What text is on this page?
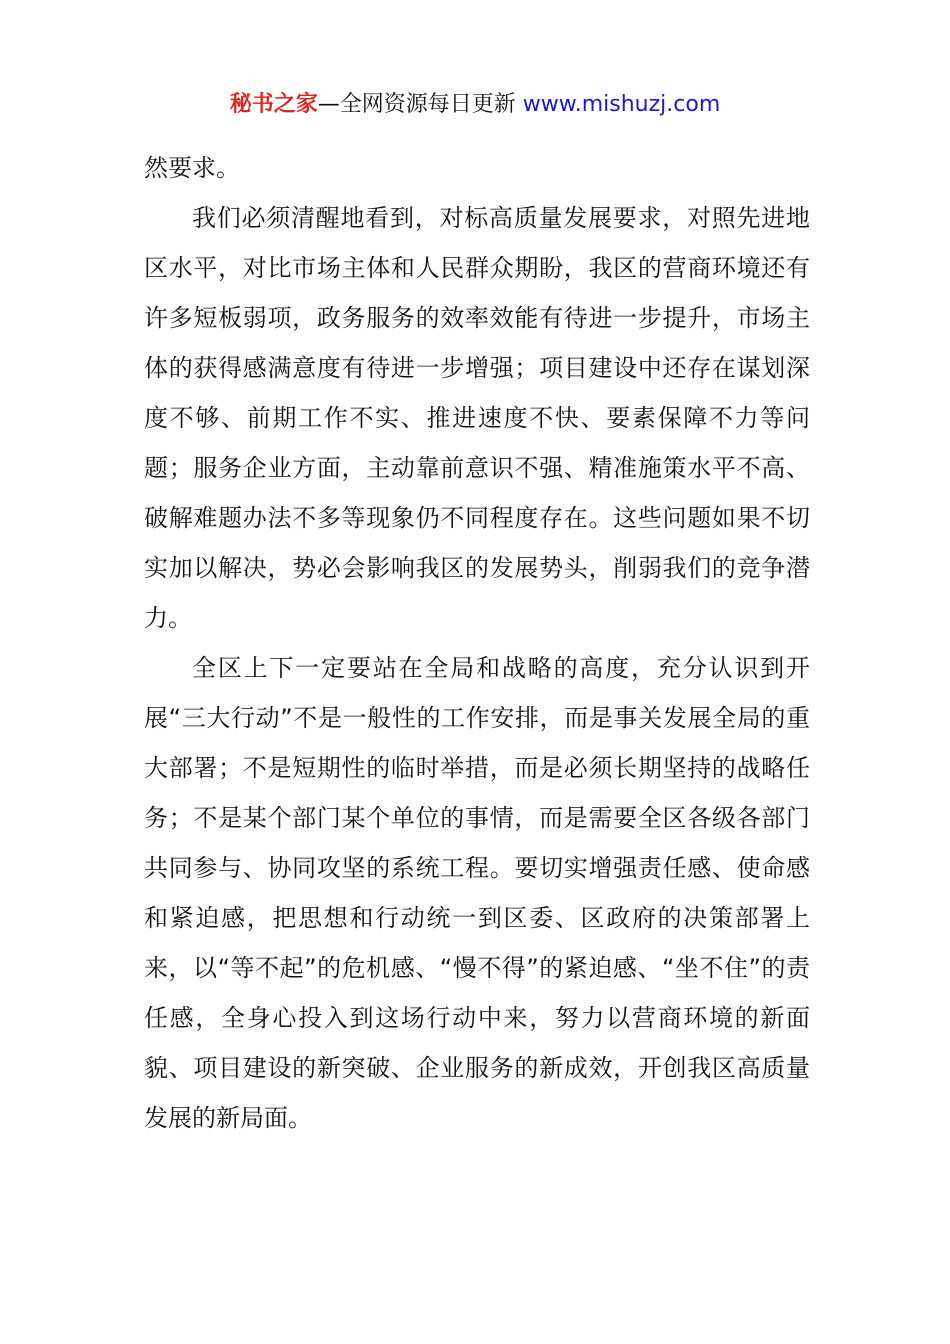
秘书之家—全网资源每日更新 www.mishuzj.com

然要求。

我们必须清醒地看到，对标高质量发展要求，对照先进地区水平，对比市场主体和人民群众期盼，我区的营商环境还有许多短板弱项，政务服务的效率效能有待进一步提升，市场主体的获得感满意度有待进一步增强；项目建设中还存在谋划深度不够、前期工作不实、推进速度不快、要素保障不力等问题；服务企业方面，主动靠前意识不强、精准施策水平不高、破解难题办法不多等现象仍不同程度存在。这些问题如果不切实加以解决，势必会影响我区的发展势头，削弱我们的竞争潜力。

全区上下一定要站在全局和战略的高度，充分认识到开展“三大行动”不是一般性的工作安排，而是事关发展全局的重大部署；不是短期性的临时举措，而是必须长期坚持的战略任务；不是某个部门某个单位的事情，而是需要全区各级各部门共同参与、协同攻坚的系统工程。要切实增强责任感、使命感和紧迫感，把思想和行动统一到区委、区政府的决策部署上来，以“等不起”的危机感、“慢不得”的紧迫感、“坐不住”的责任感，全身心投入到这场行动中来，努力以营商环境的新面貌、项目建设的新突破、企业服务的新成效，开创我区高质量发展的新局面。
